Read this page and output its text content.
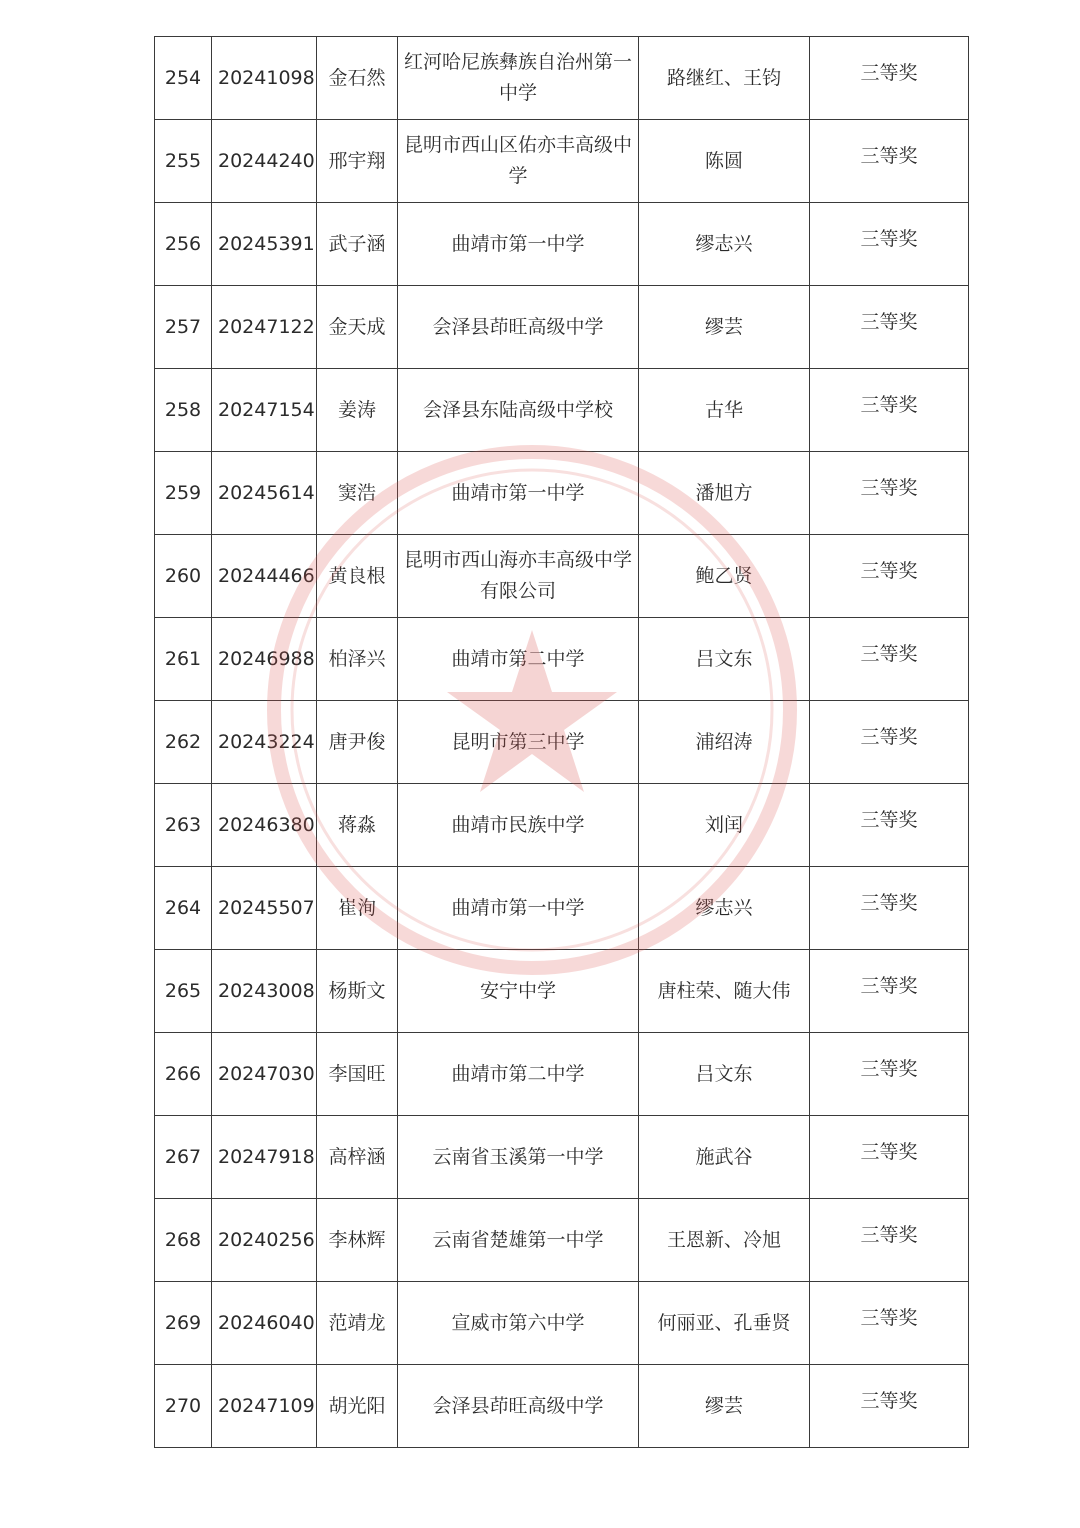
254	20241098	金石然	红河哈尼族彝族自治州第一中学	路继红、王钧	三等奖
255	20244240	邢宇翔	昆明市西山区佑亦丰高级中学	陈圆	三等奖
256	20245391	武子涵	曲靖市第一中学	缪志兴	三等奖
257	20247122	金天成	会泽县茚旺高级中学	缪芸	三等奖
258	20247154	姜涛	会泽县东陆高级中学校	古华	三等奖
259	20245614	窦浩	曲靖市第一中学	潘旭方	三等奖
260	20244466	黄良根	昆明市西山海亦丰高级中学有限公司	鲍乙贤	三等奖
261	20246988	柏泽兴	曲靖市第二中学	吕文东	三等奖
262	20243224	唐尹俊	昆明市第三中学	浦绍涛	三等奖
263	20246380	蒋淼	曲靖市民族中学	刘闰	三等奖
264	20245507	崔洵	曲靖市第一中学	缪志兴	三等奖
265	20243008	杨斯文	安宁中学	唐柱荣、随大伟	三等奖
266	20247030	李国旺	曲靖市第二中学	吕文东	三等奖
267	20247918	高梓涵	云南省玉溪第一中学	施武谷	三等奖
268	20240256	李林辉	云南省楚雄第一中学	王恩新、冷旭	三等奖
269	20246040	范靖龙	宣威市第六中学	何丽亚、孔垂贤	三等奖
270	20247109	胡光阳	会泽县茚旺高级中学	缪芸	三等奖
